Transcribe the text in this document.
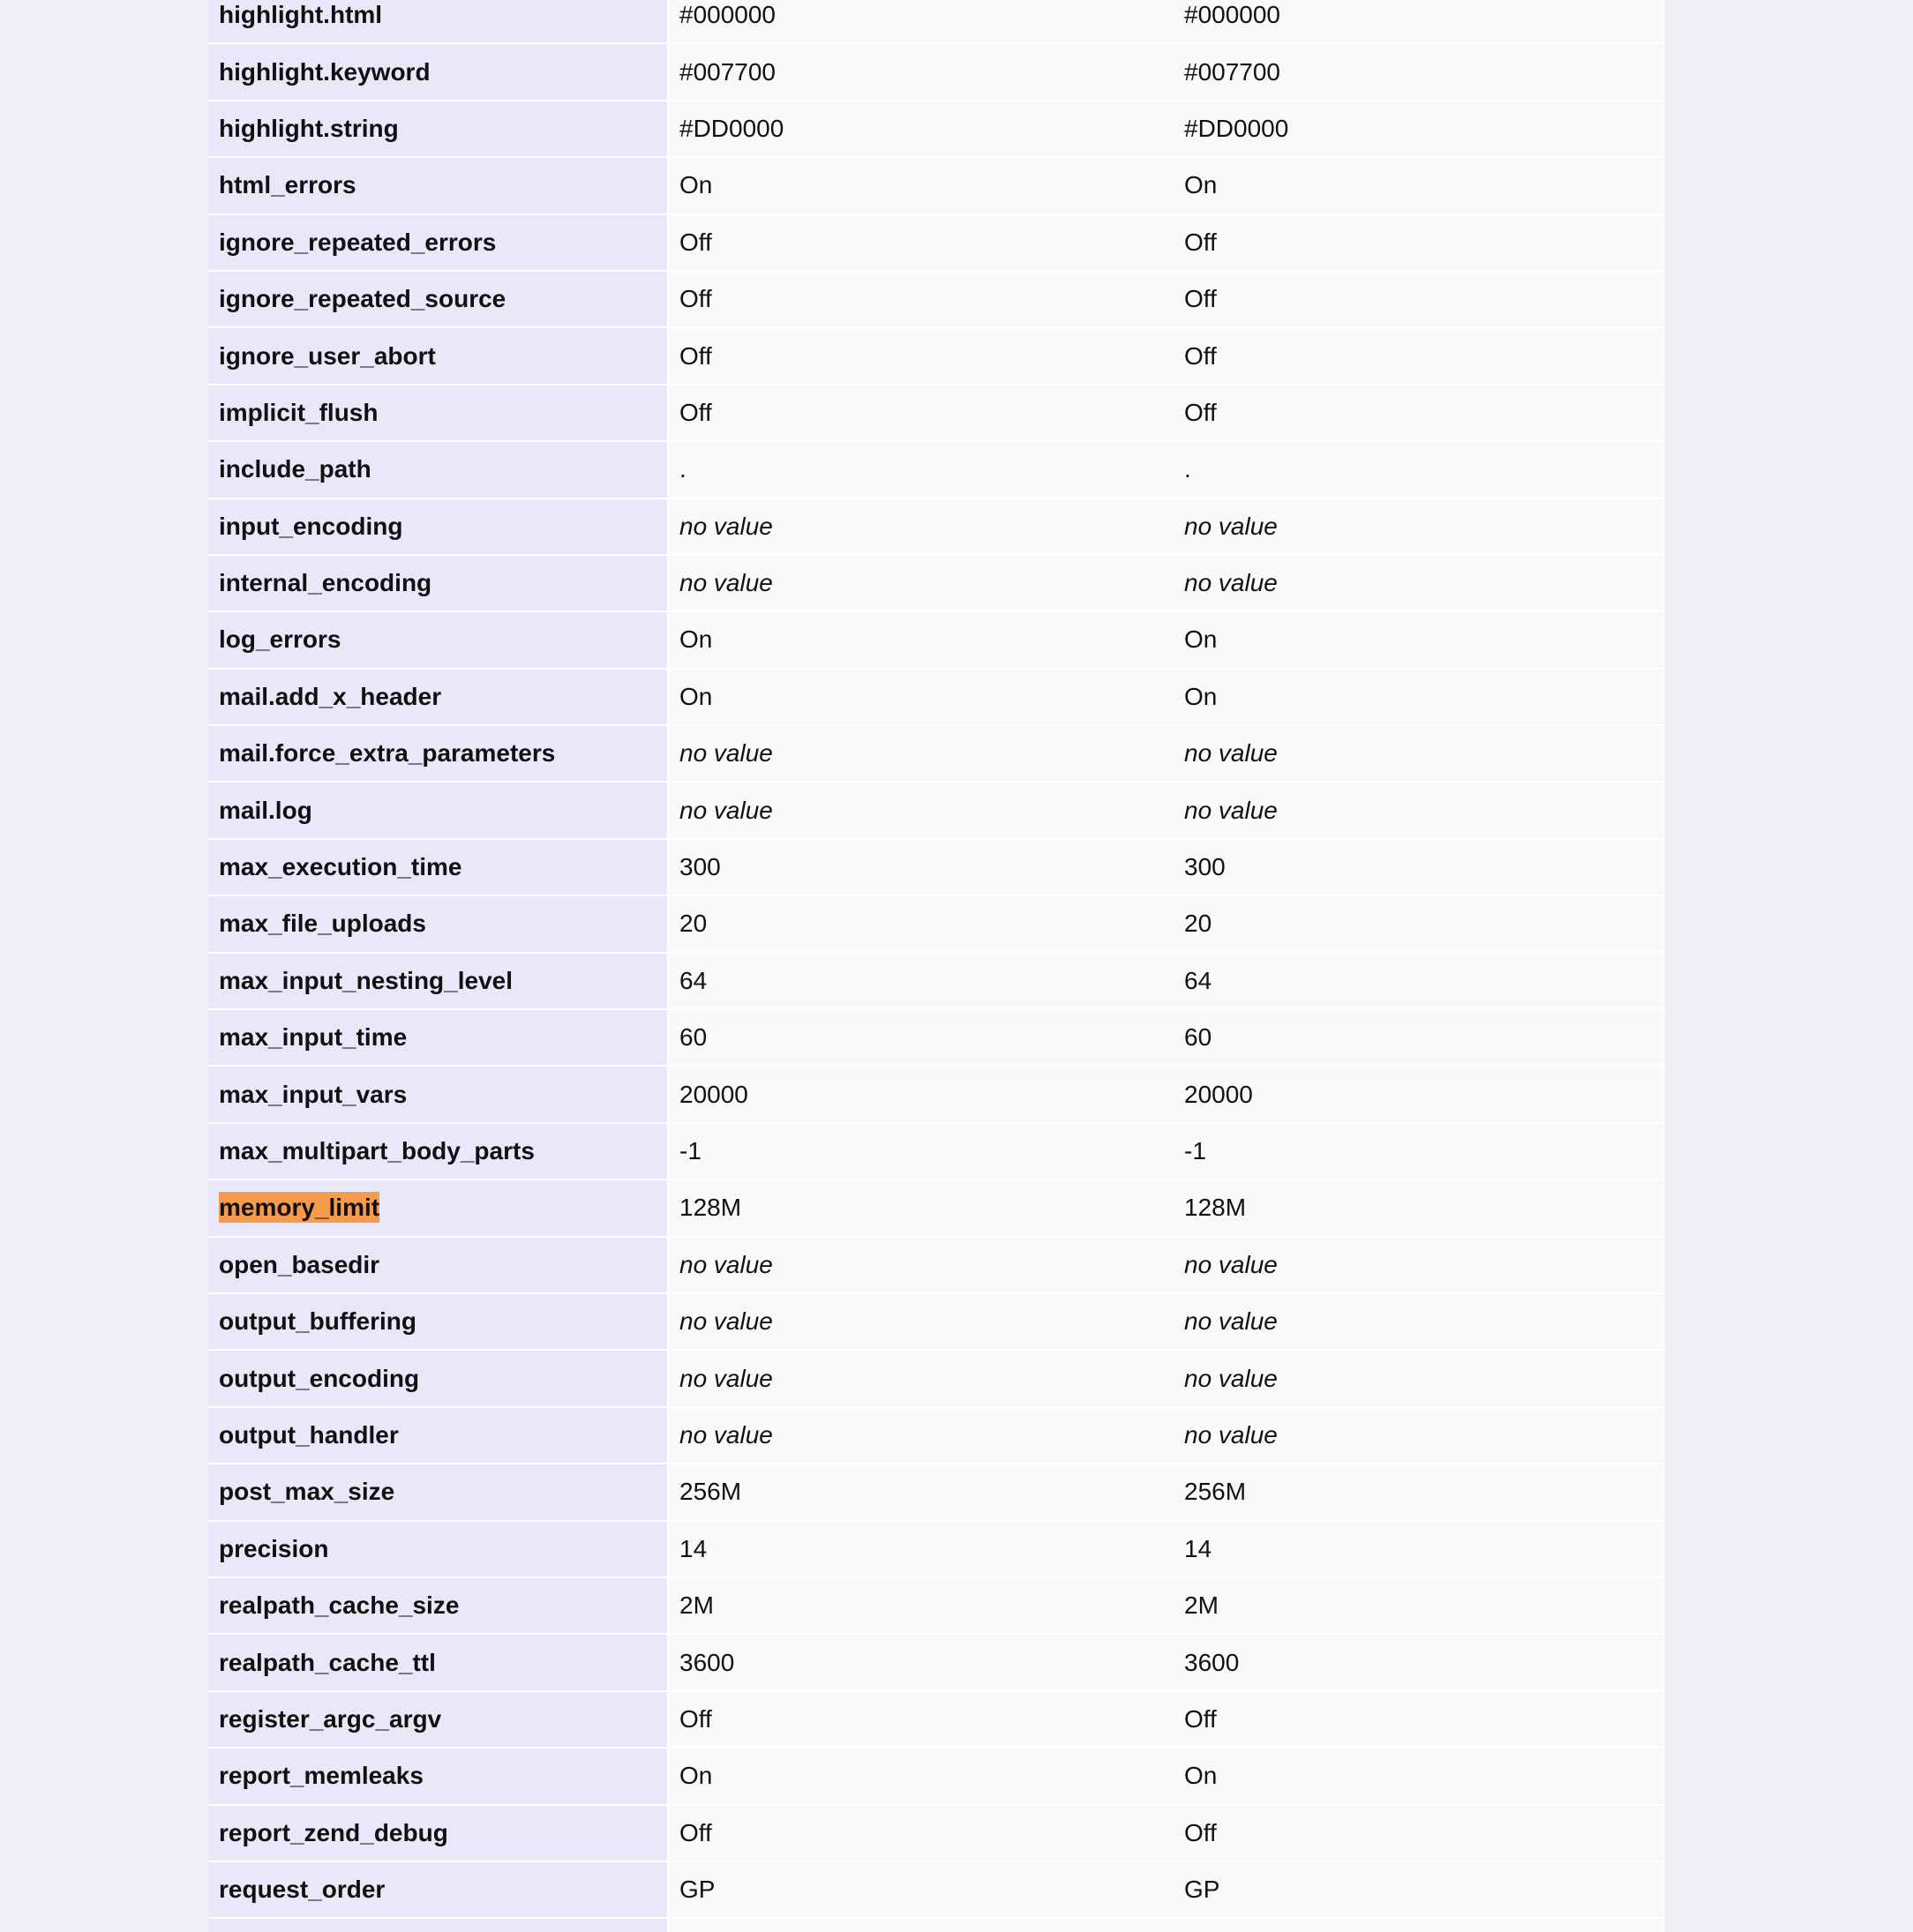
highlight.html	#000000	#000000
highlight.keyword	#007700	#007700
highlight.string	#DD0000	#DD0000
html_errors	On	On
ignore_repeated_errors	Off	Off
ignore_repeated_source	Off	Off
ignore_user_abort	Off	Off
implicit_flush	Off	Off
include_path	.	.
input_encoding	no value	no value
internal_encoding	no value	no value
log_errors	On	On
mail.add_x_header	On	On
mail.force_extra_parameters	no value	no value
mail.log	no value	no value
max_execution_time	300	300
max_file_uploads	20	20
max_input_nesting_level	64	64
max_input_time	60	60
max_input_vars	20000	20000
max_multipart_body_parts	-1	-1
memory_limit	128M	128M
open_basedir	no value	no value
output_buffering	no value	no value
output_encoding	no value	no value
output_handler	no value	no value
post_max_size	256M	256M
precision	14	14
realpath_cache_size	2M	2M
realpath_cache_ttl	3600	3600
register_argc_argv	Off	Off
report_memleaks	On	On
report_zend_debug	Off	Off
request_order	GP	GP
